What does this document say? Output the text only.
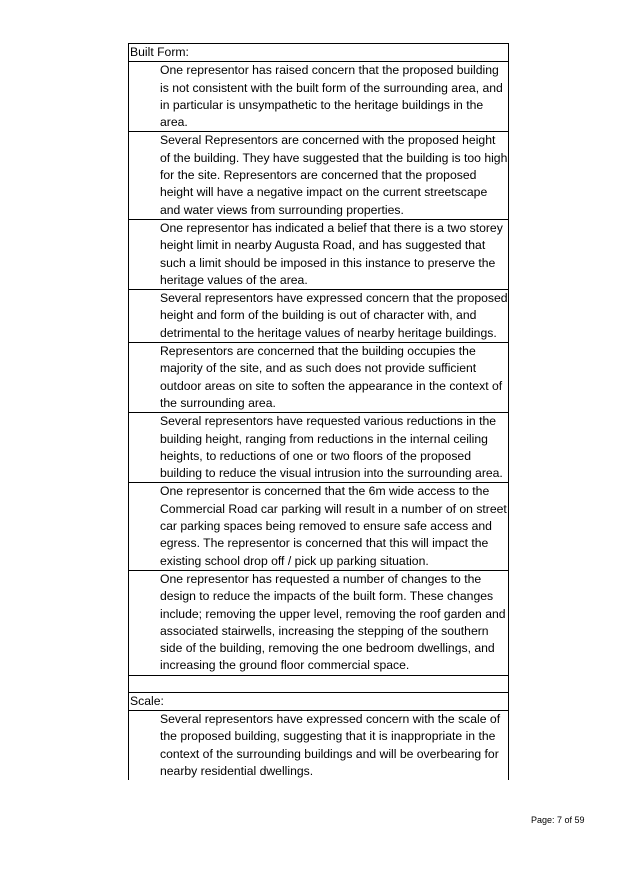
Built Form:
One representor has raised concern that the proposed building is not consistent with the built form of the surrounding area, and in particular is unsympathetic to the heritage buildings in the area.
Several Representors are concerned with the proposed height of the building. They have suggested that the building is too high for the site. Representors are concerned that the proposed height will have a negative impact on the current streetscape and water views from surrounding properties.
One representor has indicated a belief that there is a two storey height limit in nearby Augusta Road, and has suggested that such a limit should be imposed in this instance to preserve the heritage values of the area.
Several representors have expressed concern that the proposed height and form of the building is out of character with, and detrimental to the heritage values of nearby heritage buildings.
Representors are concerned that the building occupies the majority of the site, and as such does not provide sufficient outdoor areas on site to soften the appearance in the context of the surrounding area.
Several representors have requested various reductions in the building height, ranging from reductions in the internal ceiling heights, to reductions of one or two floors of the proposed building to reduce the visual intrusion into the surrounding area.
One representor is concerned that the 6m wide access to the Commercial Road car parking will result in a number of on street car parking spaces being removed to ensure safe access and egress. The representor is concerned that this will impact the existing school drop off / pick up parking situation.
One representor has requested a number of changes to the design to reduce the impacts of the built form. These changes include; removing the upper level, removing the roof garden and associated stairwells, increasing the stepping of the southern side of the building, removing the one bedroom dwellings, and increasing the ground floor commercial space.

Scale:
Several representors have expressed concern with the scale of the proposed building, suggesting that it is inappropriate in the context of the surrounding buildings and will be overbearing for nearby residential dwellings.
Page: 7 of 59
